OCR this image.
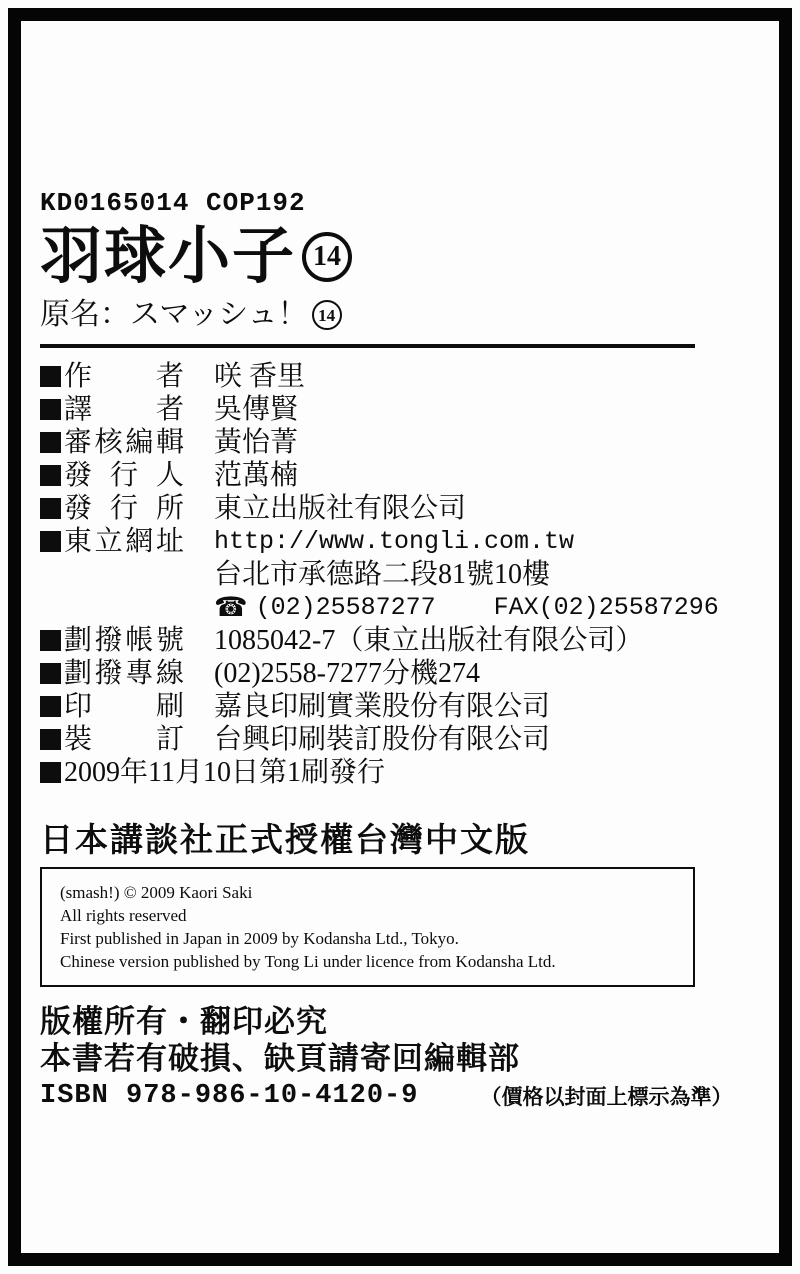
KD0165014 COP192
羽球小子 14
原名：スマッシュ！ 14
作者 咲 香里
譯者 吳傳賢
審核編輯 黃怡菁
發行人 范萬楠
發行所 東立出版社有限公司
東立網址 http://www.tongli.com.tw
台北市承德路二段81號10樓
☎ (02)25587277 FAX(02)25587296
劃撥帳號 1085042-7（東立出版社有限公司）
劃撥專線 (02)2558-7277分機274
印刷 嘉良印刷實業股份有限公司
裝訂 台興印刷裝訂股份有限公司
2009年11月10日第1刷發行
日本講談社正式授權台灣中文版
(smash!) © 2009 Kaori Saki
All rights reserved
First published in Japan in 2009 by Kodansha Ltd., Tokyo.
Chinese version published by Tong Li under licence from Kodansha Ltd.
版權所有・翻印必究
本書若有破損、缺頁請寄回編輯部
ISBN 978-986-10-4120-9	（價格以封面上標示為準）
